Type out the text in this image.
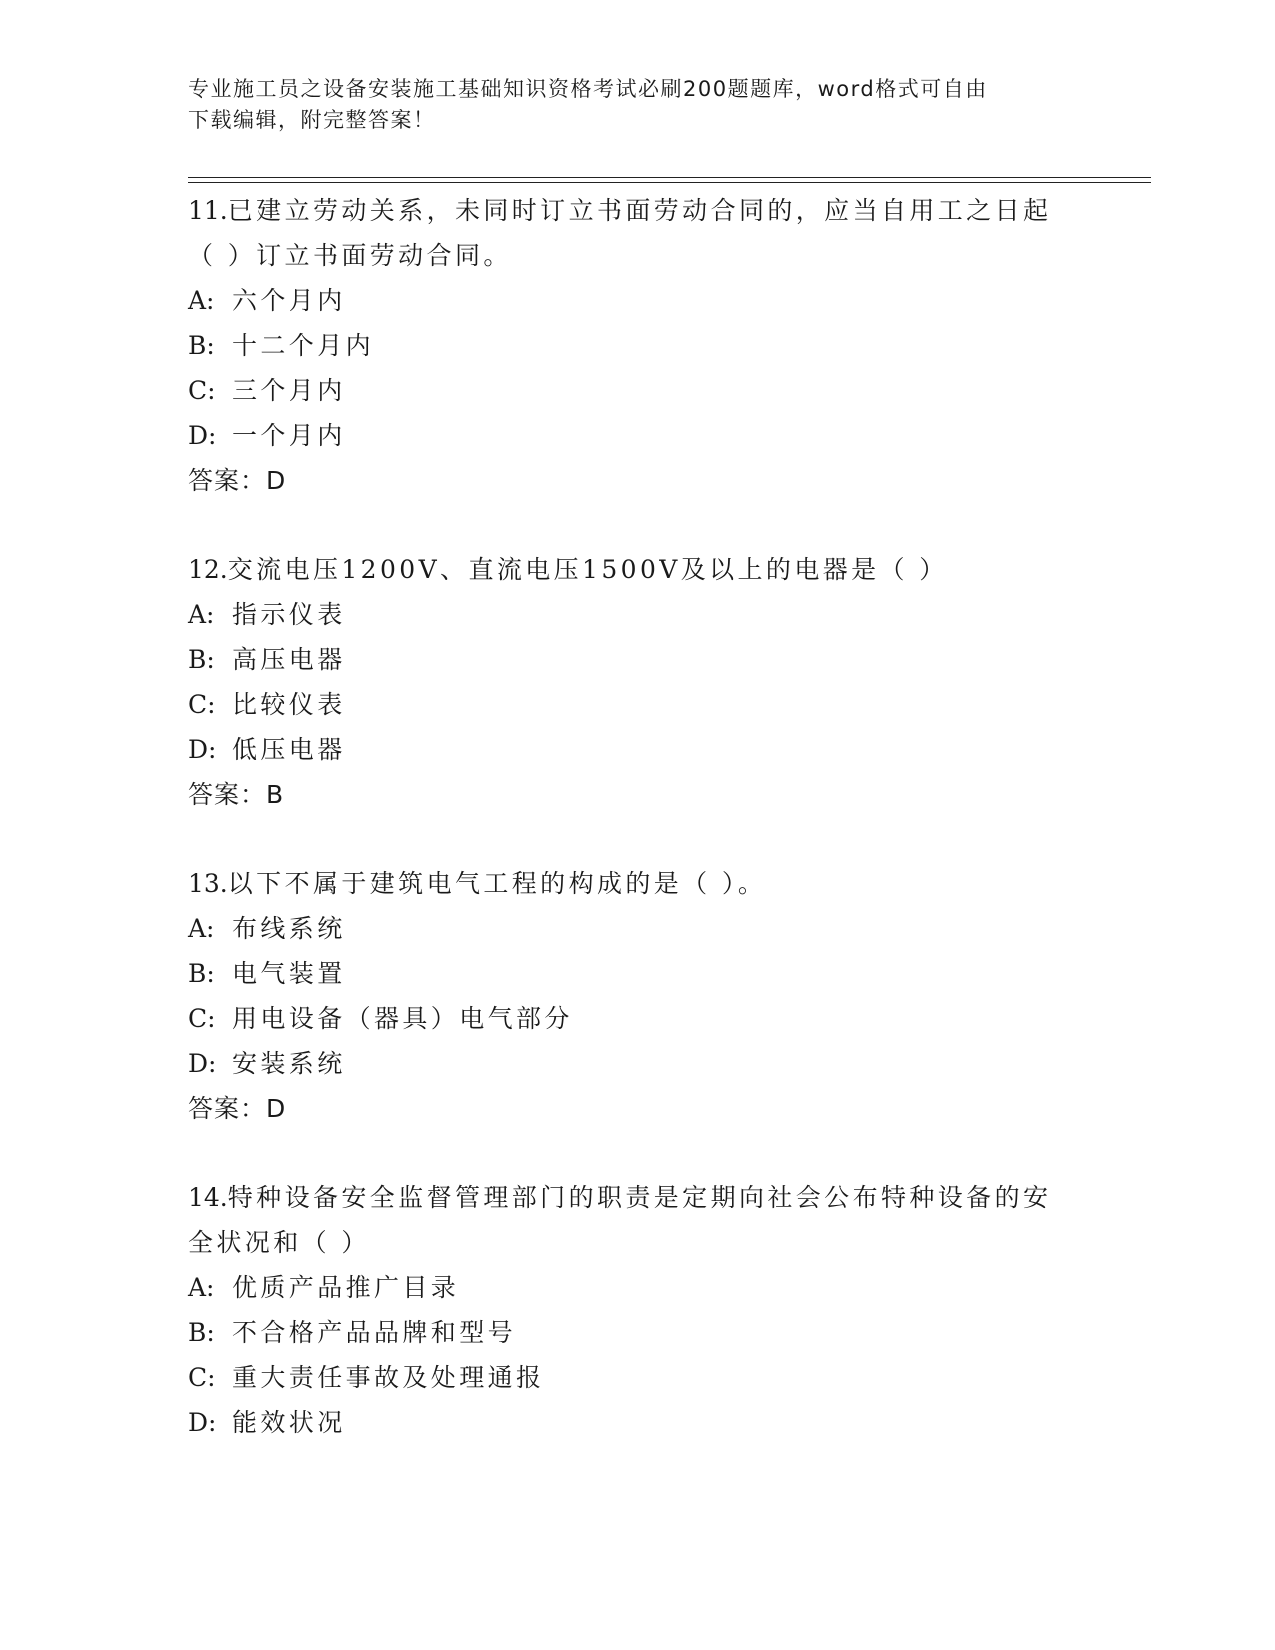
专业施工员之设备安装施工基础知识资格考试必刷200题题库，word格式可自由
下载编辑，附完整答案！
11.已建立劳动关系，未同时订立书面劳动合同的，应当自用工之日起
（ ）订立书面劳动合同。
A: 六个月内
B: 十二个月内
C: 三个月内
D: 一个月内
答案：D
12.交流电压1200V、直流电压1500V及以上的电器是（ ）
A: 指示仪表
B: 高压电器
C: 比较仪表
D: 低压电器
答案：B
13.以下不属于建筑电气工程的构成的是（ ）。
A: 布线系统
B: 电气装置
C: 用电设备（器具）电气部分
D: 安装系统
答案：D
14.特种设备安全监督管理部门的职责是定期向社会公布特种设备的安
全状况和（ ）
A: 优质产品推广目录
B: 不合格产品品牌和型号
C: 重大责任事故及处理通报
D: 能效状况
